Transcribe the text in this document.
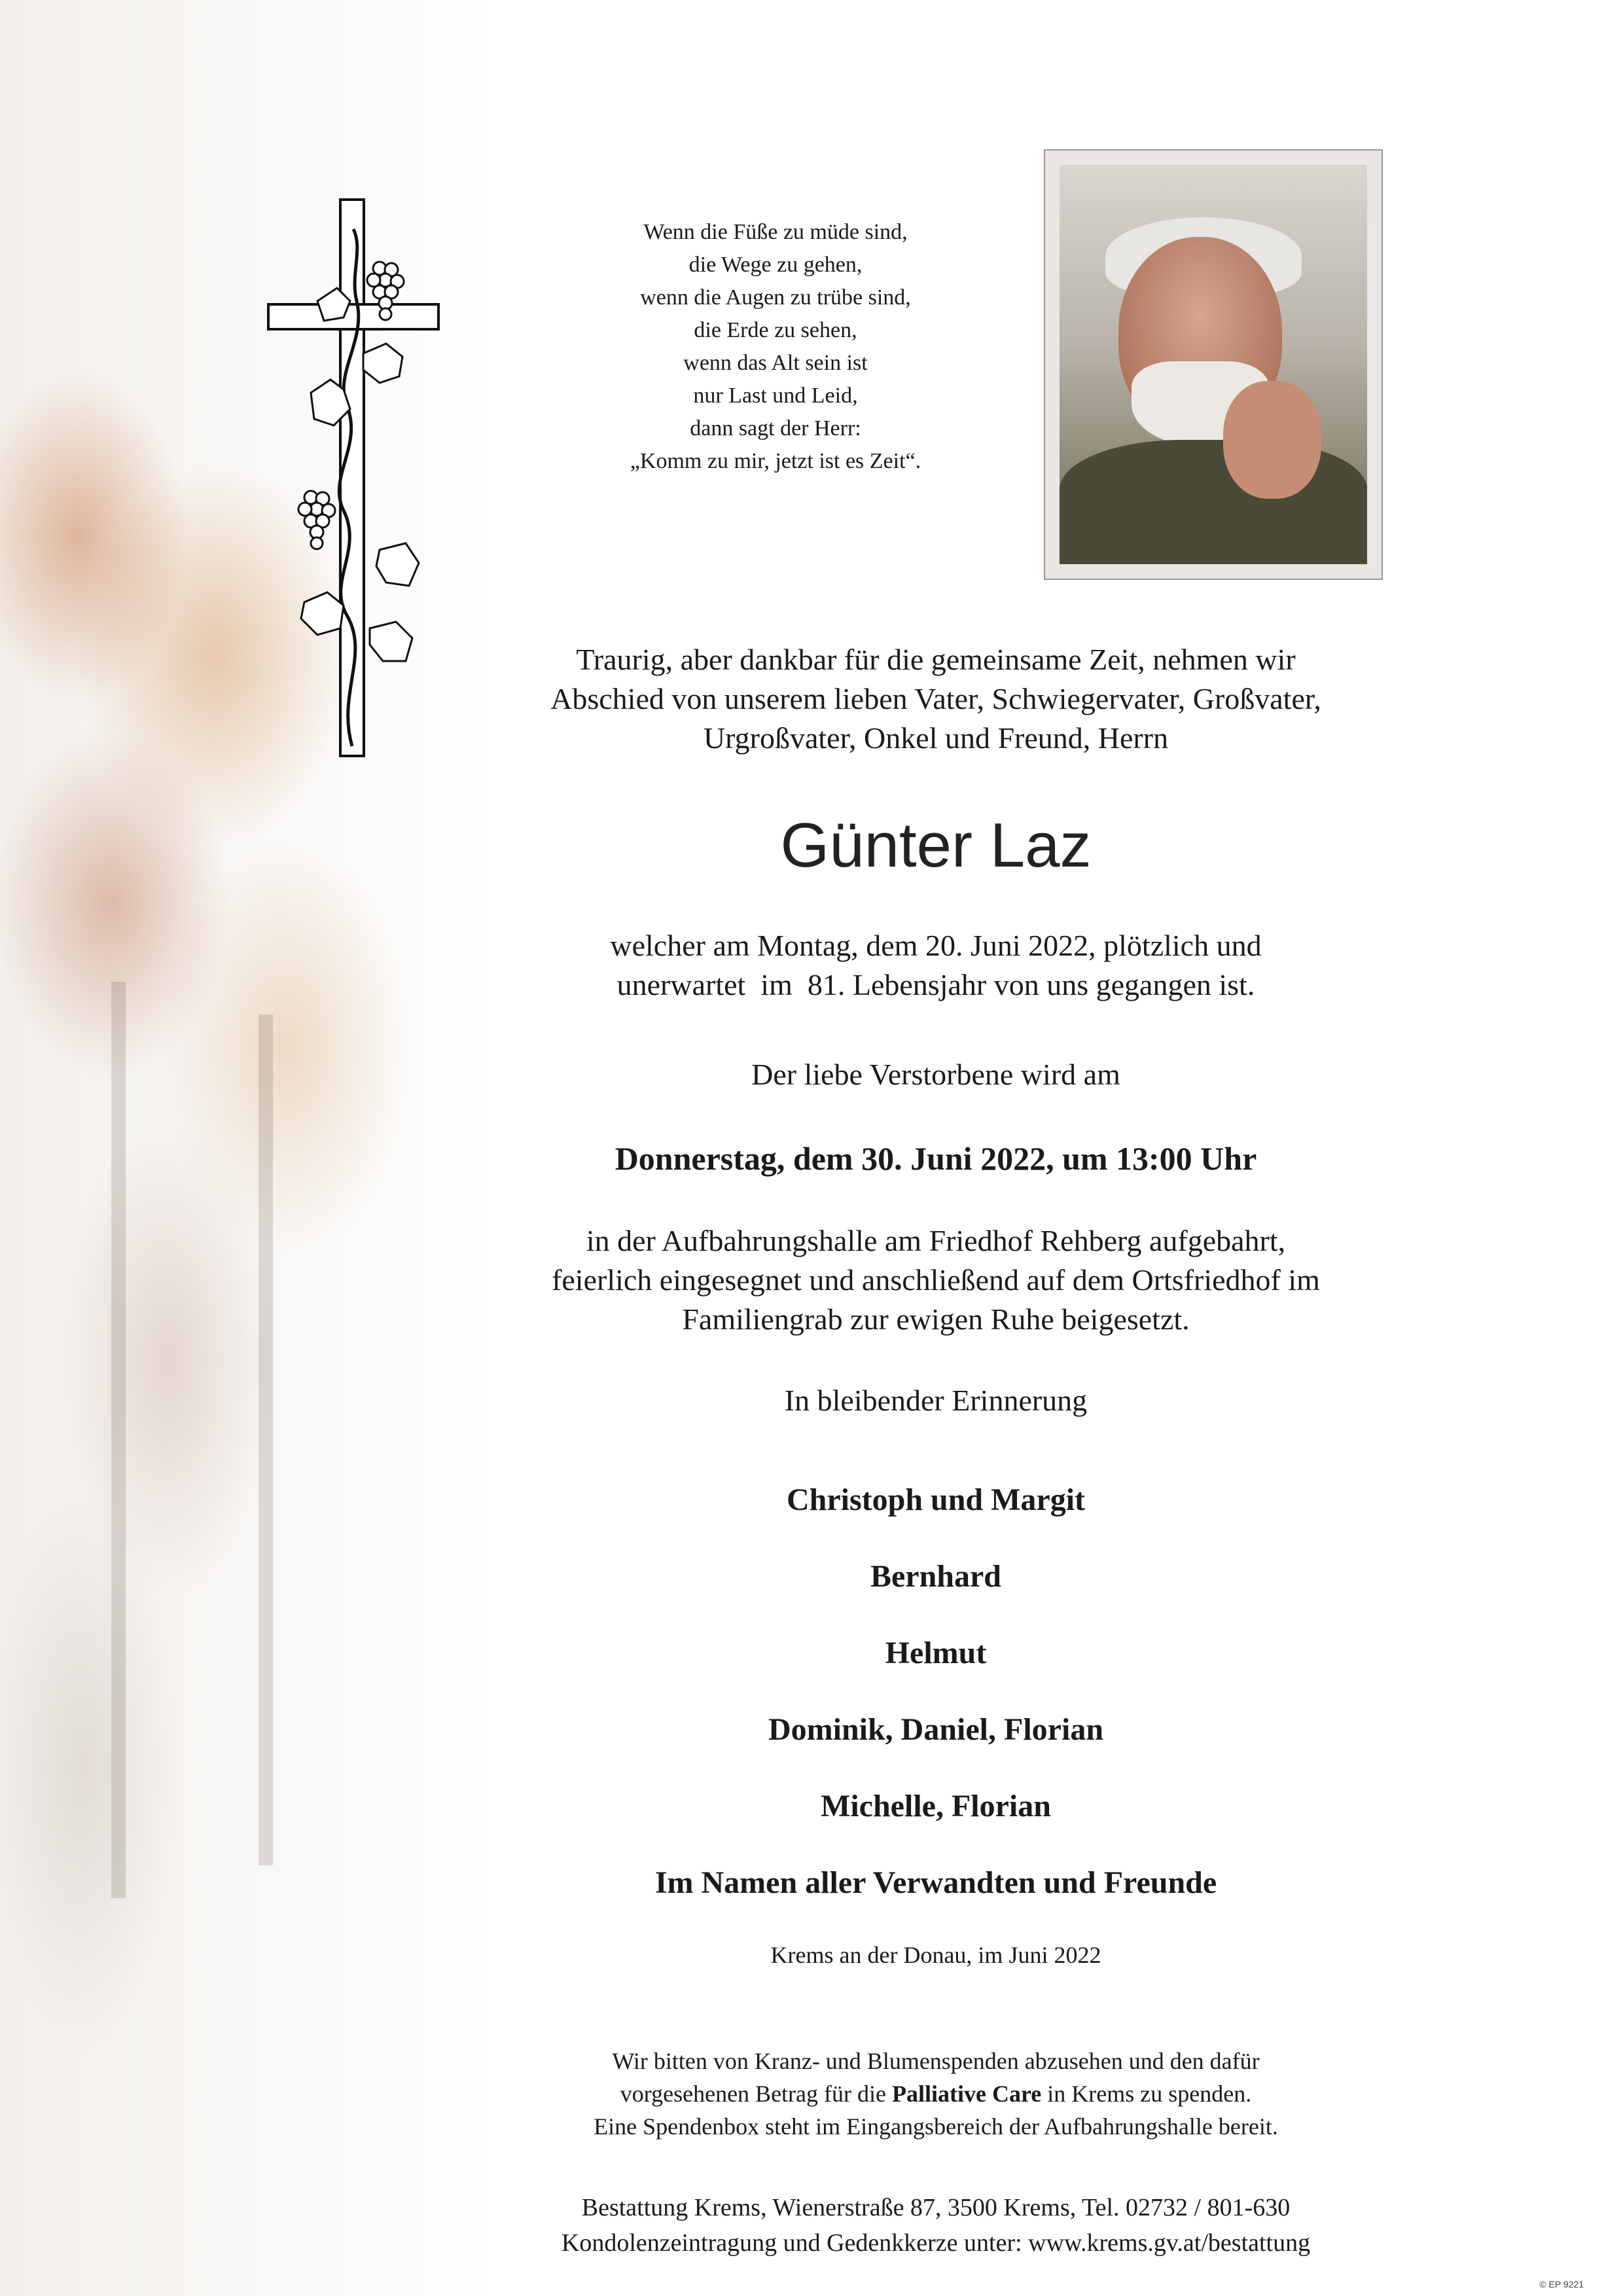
Wenn die Füße zu müde sind,
die Wege zu gehen,
wenn die Augen zu trübe sind,
die Erde zu sehen,
wenn das Alt sein ist
nur Last und Leid,
dann sagt der Herr:
„Komm zu mir, jetzt ist es Zeit“.
Traurig, aber dankbar für die gemeinsame Zeit, nehmen wir
Abschied von unserem lieben Vater, Schwiegervater, Großvater,
Urgroßvater, Onkel und Freund, Herrn
Günter Laz
welcher am Montag, dem 20. Juni 2022, plötzlich und
unerwartet  im  81. Lebensjahr von uns gegangen ist.
Der liebe Verstorbene wird am
Donnerstag, dem 30. Juni 2022, um 13:00 Uhr
in der Aufbahrungshalle am Friedhof Rehberg aufgebahrt,
feierlich eingesegnet und anschließend auf dem Ortsfriedhof im
Familiengrab zur ewigen Ruhe beigesetzt.
In bleibender Erinnerung
Christoph und Margit
Bernhard
Helmut
Dominik, Daniel, Florian
Michelle, Florian
Im Namen aller Verwandten und Freunde
Krems an der Donau, im Juni 2022
Wir bitten von Kranz- und Blumenspenden abzusehen und den dafür
vorgesehenen Betrag für die Palliative Care in Krems zu spenden.
Eine Spendenbox steht im Eingangsbereich der Aufbahrungshalle bereit.
Bestattung Krems, Wienerstraße 87, 3500 Krems, Tel. 02732 / 801-630
Kondolenzeintragung und Gedenkkerze unter: www.krems.gv.at/bestattung
© EP 9221
